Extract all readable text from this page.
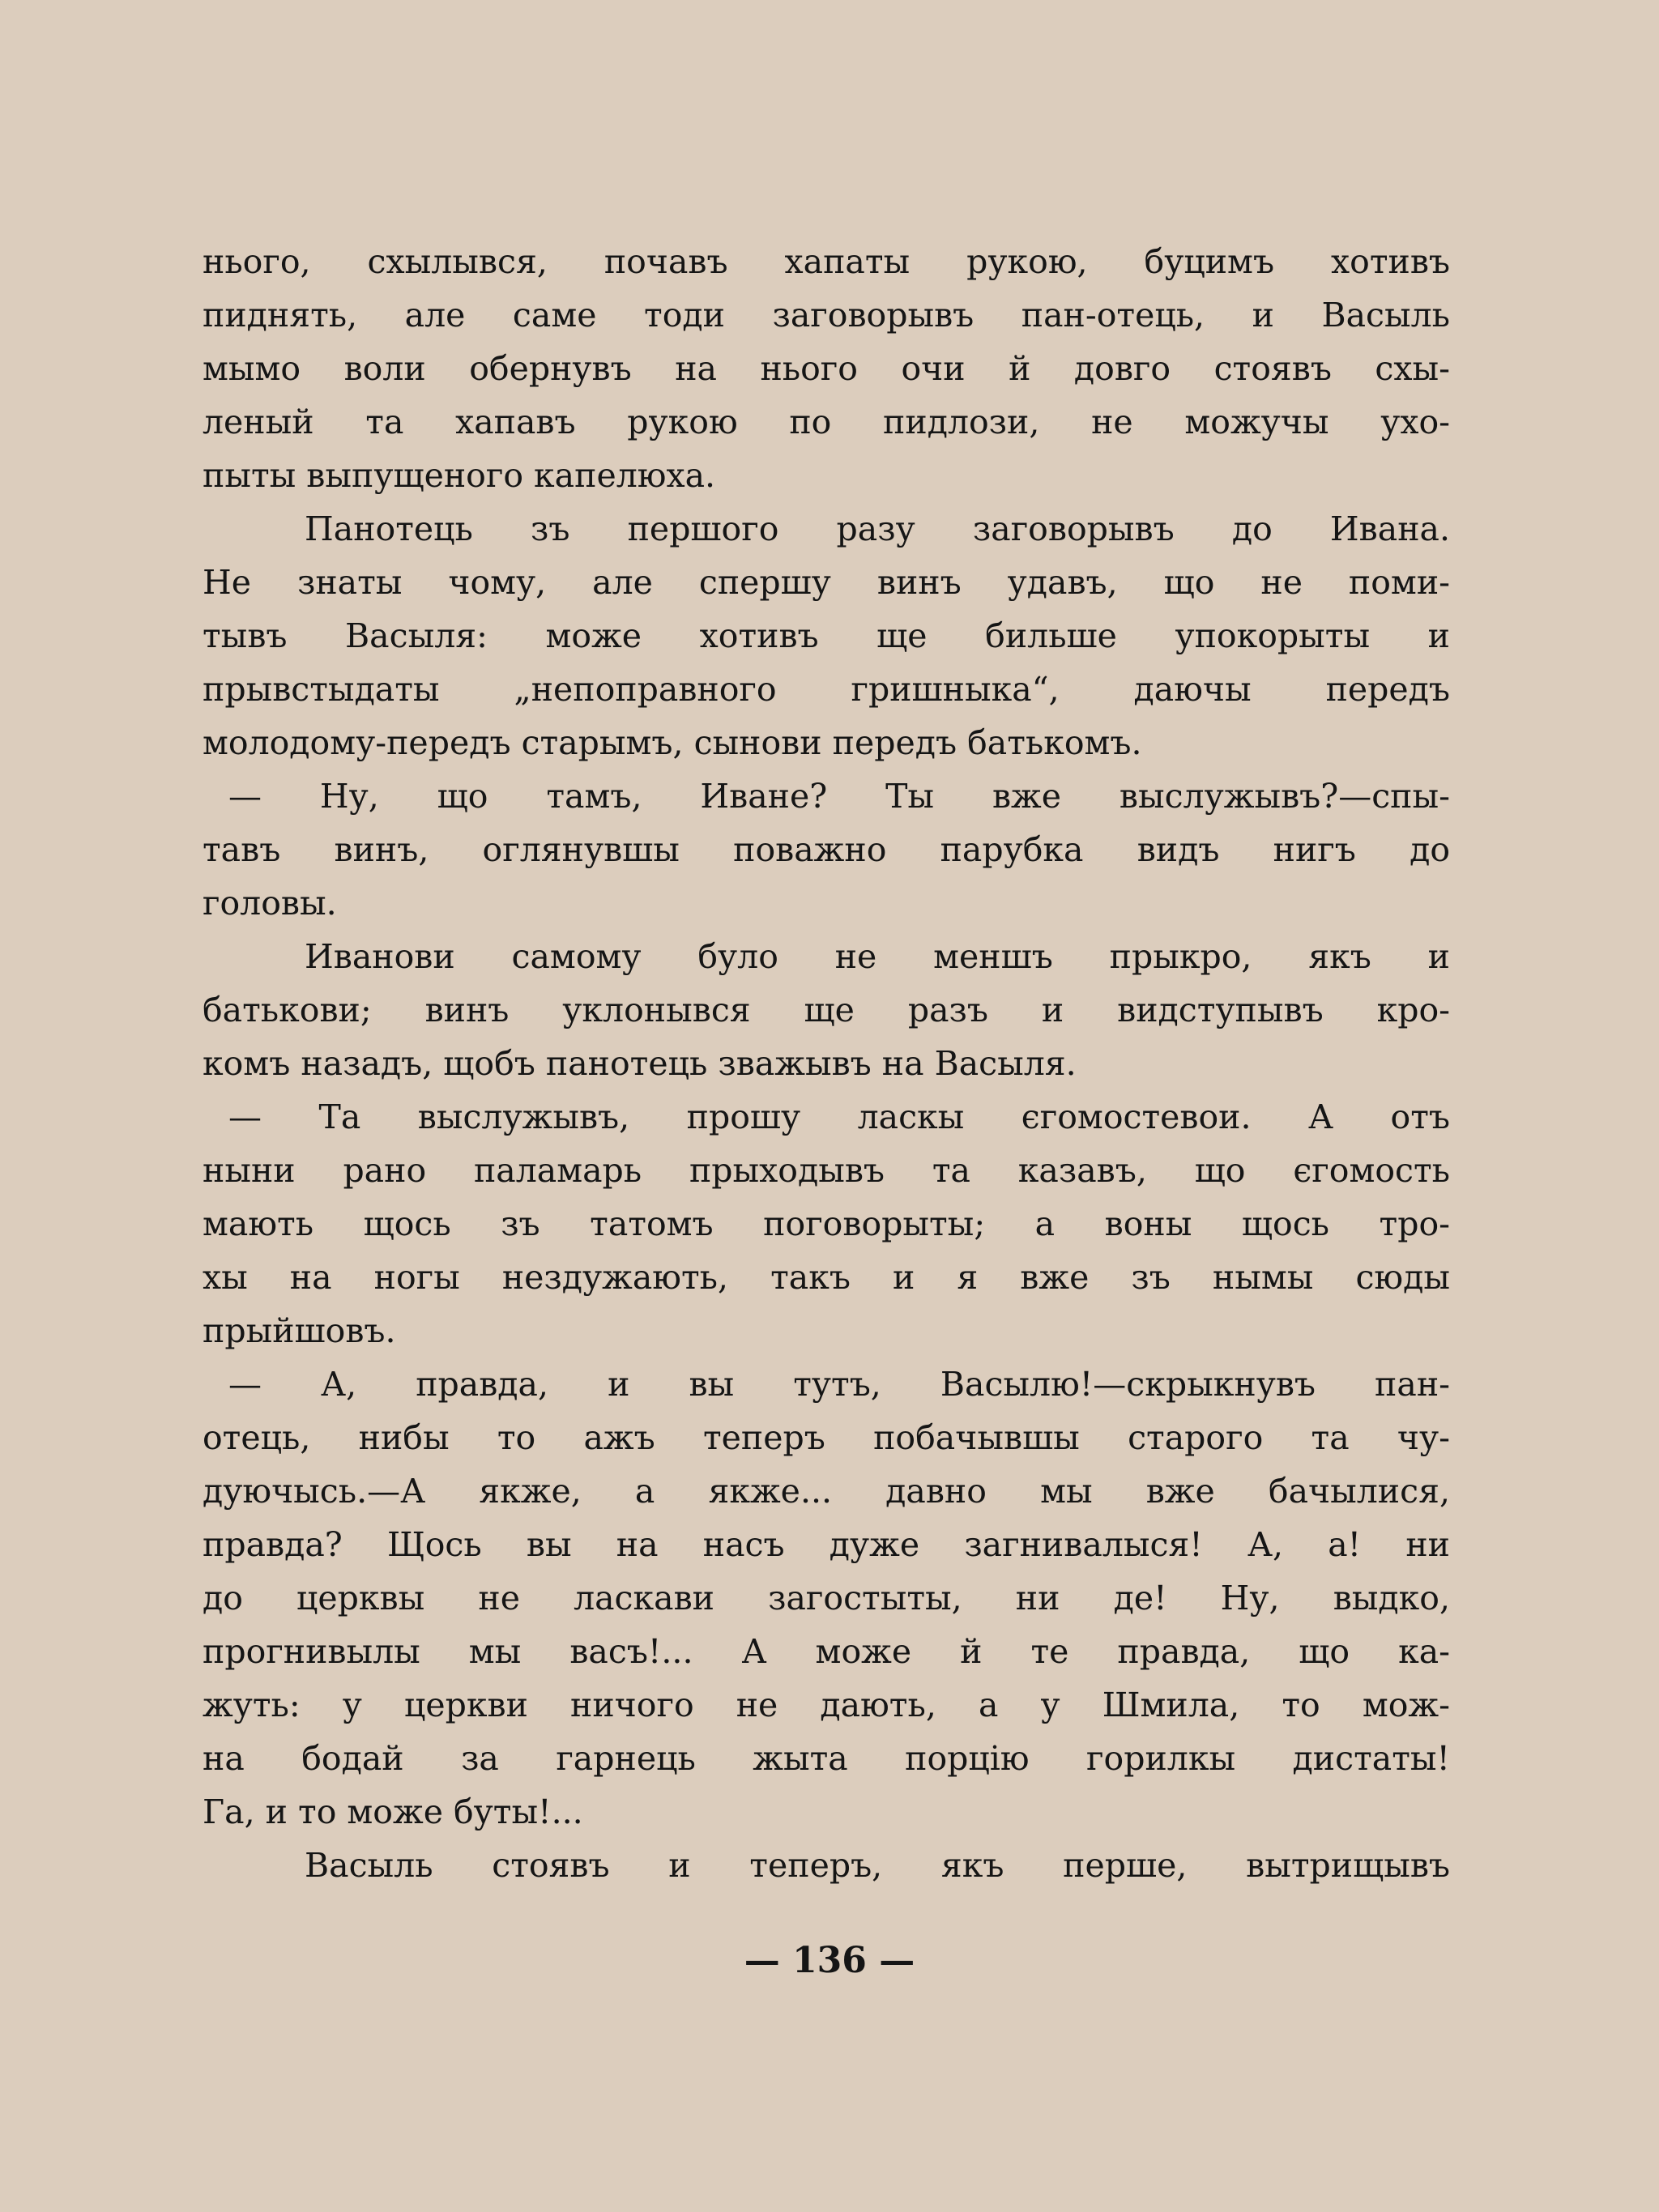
нього, схылывся, почавъ хапаты рукою, буцимъ хотивъ
пиднять, але саме тоди заговорывъ пан-отець, и Васыль
мымо воли обернувъ на нього очи й довго стоявъ схы-
леный та хапавъ рукою по пидлози, не можучы ухо-
пыты выпущеного капелюха.
Панотець зъ першого разу заговорывъ до Ивана.
Не знаты чому, але спершу винъ удавъ, що не поми-
тывъ Васыля: може хотивъ ще бильше упокорыты и
прывстыдаты „непоправного гришныка“, даючы передъ
молодому-передъ старымъ, сынови передъ батькомъ.
— Ну, що тамъ, Иване? Ты вже выслужывъ?—спы-
тавъ винъ, оглянувшы поважно парубка видъ нигъ до
головы.
Иванови самому було не меншъ прыкро, якъ и
батькови; винъ уклонывся ще разъ и видступывъ кро-
комъ назадъ, щобъ панотець зважывъ на Васыля.
— Та выслужывъ, прошу ласкы єгомостевои. А отъ
ныни рано паламарь прыходывъ та казавъ, що єгомость
мають щось зъ татомъ поговорыты; а воны щось тро-
хы на ногы нездужають, такъ и я вже зъ нымы сюды
прыйшовъ.
— А, правда, и вы тутъ, Васылю!—скрыкнувъ пан-
отець, нибы то ажъ теперъ побачывшы старого та чу-
дуючысь.—А якже, а якже... давно мы вже бачылися,
правда? Щось вы на насъ дуже загнивалыся! А, а! ни
до церквы не ласкави загостыты, ни де! Ну, выдко,
прогнивылы мы васъ!... А може й те правда, що ка-
жуть: у церкви ничого не дають, а у Шмила, то мож-
на бодай за гарнець жыта порцію горилкы дистаты!
Га, и то може буты!...
Васыль стоявъ и теперъ, якъ перше, вытрищывъ
— 136 —
